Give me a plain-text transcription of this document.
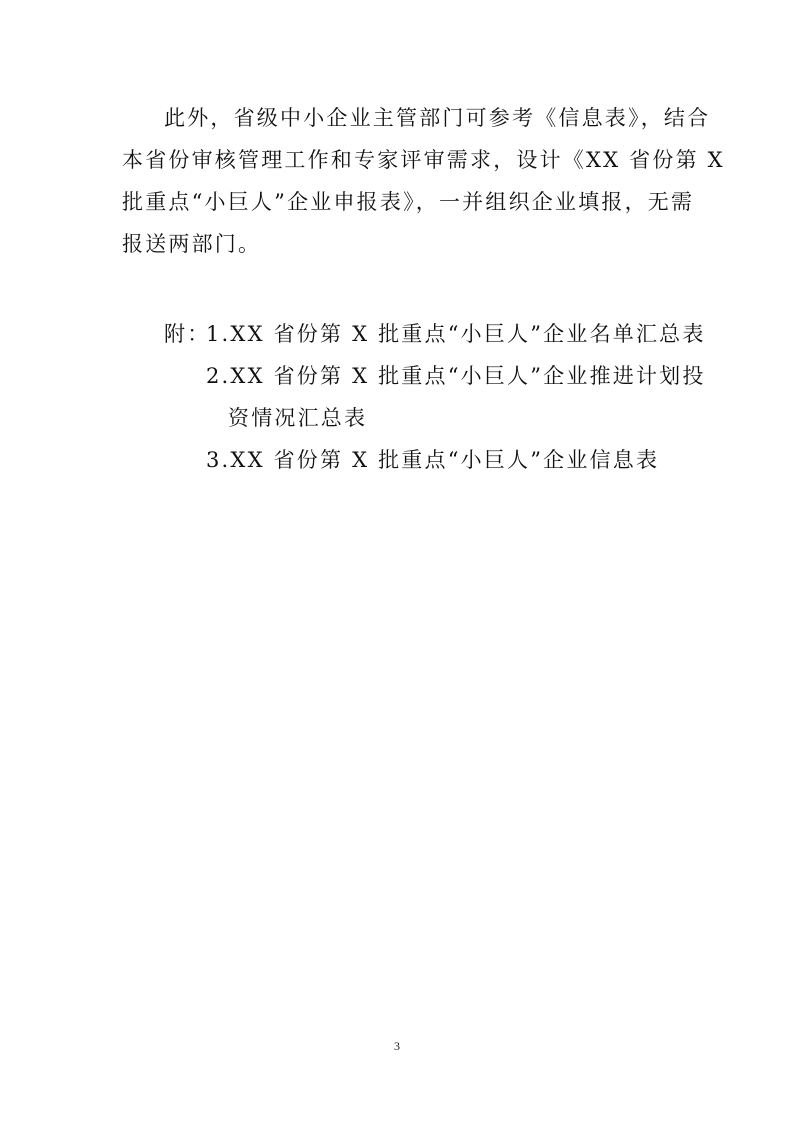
此外，省级中小企业主管部门可参考《信息表》，结合
本省份审核管理工作和专家评审需求，设计《XX 省份第 X
批重点“小巨人”企业申报表》，一并组织企业填报，无需
报送两部门。
附：
1.XX 省份第 X 批重点“小巨人”企业名单汇总表
2.XX 省份第 X 批重点“小巨人”企业推进计划投
资情况汇总表
3.XX 省份第 X 批重点“小巨人”企业信息表
3
